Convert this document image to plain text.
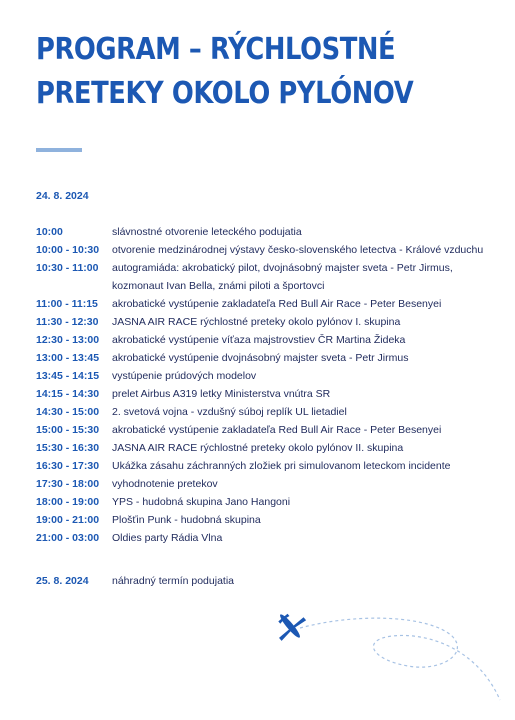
PROGRAM – RÝCHLOSTNÉ
PRETEKY OKOLO PYLÓNOV
24. 8. 2024
10:00	slávnostné otvorenie leteckého podujatia
10:00 - 10:30	otvorenie medzinárodnej výstavy česko-slovenského letectva - Králové vzduchu
10:30 - 11:00	autogramiáda: akrobatický pilot, dvojnásobný majster sveta - Petr Jirmus, kozmonaut Ivan Bella, známi piloti a športovci
11:00 - 11:15	akrobatické vystúpenie zakladateľa Red Bull Air Race - Peter Besenyei
11:30 - 12:30	JASNA AIR RACE rýchlostné preteky okolo pylónov I. skupina
12:30 - 13:00	akrobatické vystúpenie víťaza majstrovstiev ČR Martina Žideka
13:00 - 13:45	akrobatické vystúpenie dvojnásobný majster sveta - Petr Jirmus
13:45 - 14:15	vystúpenie prúdových modelov
14:15 - 14:30	prelet Airbus A319 letky Ministerstva vnútra SR
14:30 - 15:00	2. svetová vojna - vzdušný súboj replík UL lietadiel
15:00 - 15:30	akrobatické vystúpenie zakladateľa Red Bull Air Race - Peter Besenyei
15:30 - 16:30	JASNA AIR RACE rýchlostné preteky okolo pylónov II. skupina
16:30 - 17:30	Ukážka zásahu záchranných zložiek pri simulovanom leteckom incidente
17:30 - 18:00	vyhodnotenie pretekov
18:00 - 19:00	YPS - hudobná skupina Jano Hangoni
19:00 - 21:00	Plošťin Punk - hudobná skupina
21:00 - 03:00	Oldies party Rádia Vlna
25. 8. 2024	náhradný termín podujatia
